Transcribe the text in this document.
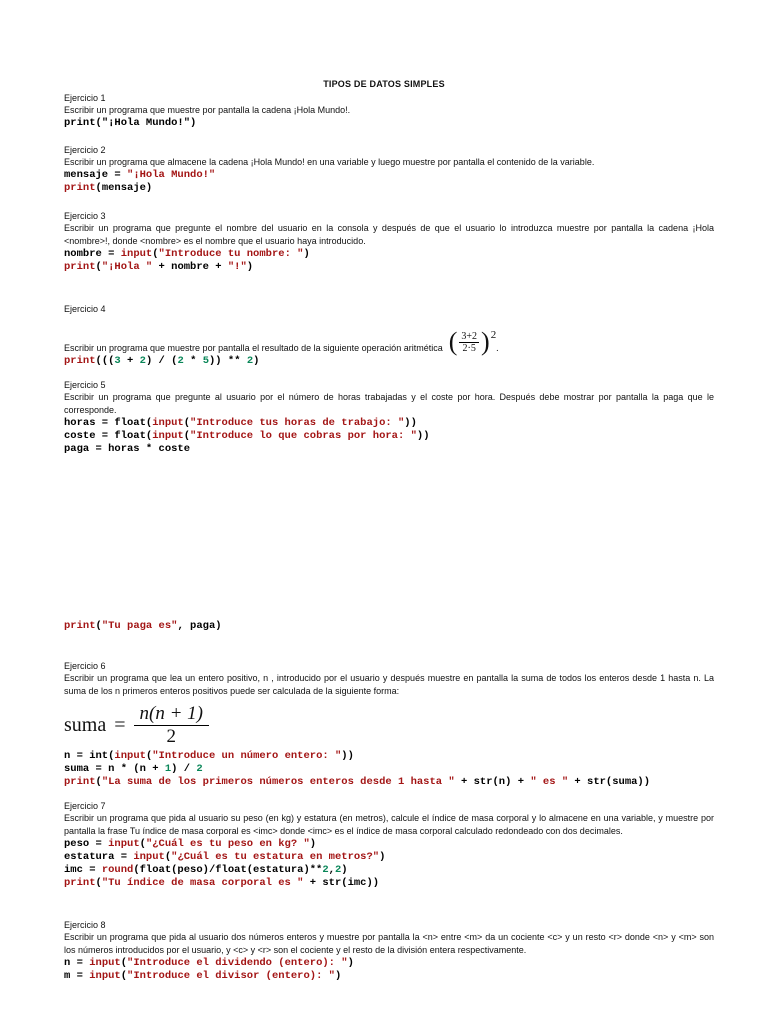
TIPOS DE DATOS SIMPLES

Ejercicio 1

Escribir un programa que muestre por pantalla la cadena ¡Hola Mundo!.

print("¡Hola Mundo!")

Ejercicio 2

Escribir un programa que almacene la cadena ¡Hola Mundo! en una variable y luego muestre por pantalla el contenido de la variable.

mensaje = "¡Hola Mundo!"
print(mensaje)

Ejercicio 3

Escribir un programa que pregunte el nombre del usuario en la consola y después de que el usuario lo introduzca muestre por pantalla la cadena ¡Hola <nombre>!, donde <nombre> es el nombre que el usuario haya introducido.

nombre = input("Introduce tu nombre: ")
print("¡Hola " + nombre + "!")

Ejercicio 4

Escribir un programa que muestre por pantalla el resultado de la siguiente operación aritmética ( $\frac{3+2}{2\cdot 5}$ ) 2
.

print(((3 + 2) / (2 * 5)) ** 2)

Ejercicio 5

Escribir un programa que pregunte al usuario por el número de horas trabajadas y el coste por hora. Después debe mostrar por pantalla la paga que le corresponde.

horas = float(input("Introduce tus horas de trabajo: "))
coste = float(input("Introduce lo que cobras por hora: "))
paga = horas * coste
print("Tu paga es", paga)

Ejercicio 6

Escribir un programa que lea un entero positivo, n , introducido por el usuario y después muestre en pantalla la suma de todos los enteros desde 1 hasta n. La suma de los n primeros enteros positivos puede ser calculada de la siguiente forma:

suma = $\frac{n(n + 1)}{2}$
n = int(input("Introduce un número entero: "))
suma = n * (n + 1) / 2
print("La suma de los primeros números enteros desde 1 hasta " + str(n) + " es " + str(suma))

Ejercicio 7

Escribir un programa que pida al usuario su peso (en kg) y estatura (en metros), calcule el índice de masa corporal y lo almacene en una variable, y muestre por pantalla la frase Tu índice de masa corporal es <imc> donde <imc> es el índice de masa corporal calculado redondeado con dos decimales.

peso = input("¿Cuál es tu peso en kg? ")
estatura = input("¿Cuál es tu estatura en metros?")
imc = round(float(peso)/float(estatura)**2,2)
print("Tu índice de masa corporal es " + str(imc))

Ejercicio 8

Escribir un programa que pida al usuario dos números enteros y muestre por pantalla la <n> entre <m> da un cociente <c> y un resto <r> donde <n> y <m> son los números introducidos por el usuario, y <c> y <r> son el cociente y el resto de la división entera respectivamente.

n = input("Introduce el dividendo (entero): ")
m = input("Introduce el divisor (entero): ")
